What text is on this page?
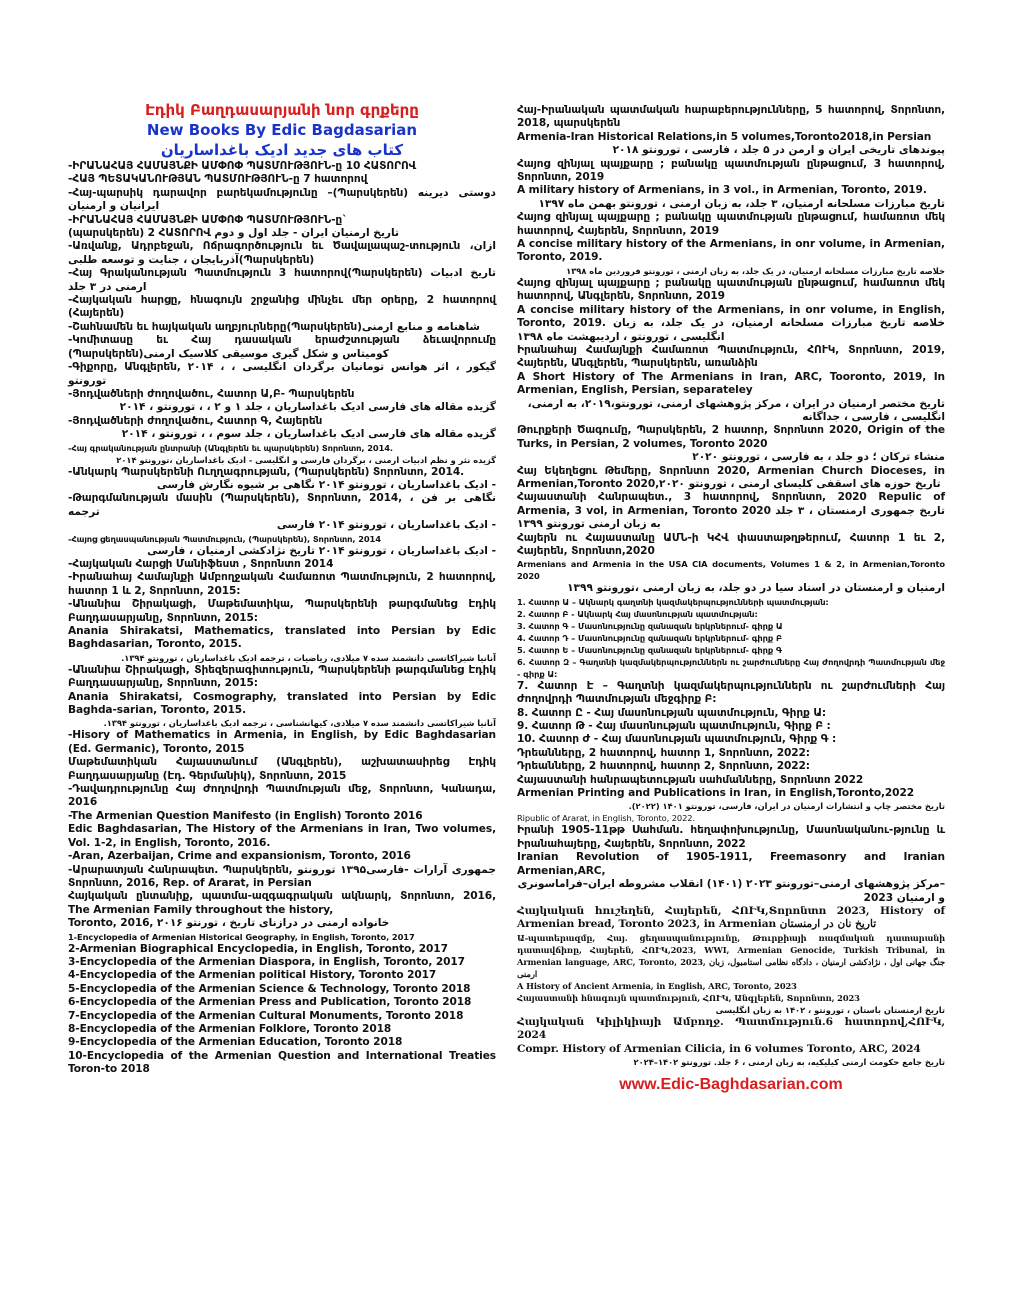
Էդիկ Բաղդասարյանի նոր գրքերը

New Books By Edic Bagdasarian

کتاب های جدید ادیک باغداساریان

-ԻՐԱՆԱՀԱՅ ՀԱՄԱՅՆՔԻ ԱՄՓՈՓ ՊԱՏՄՈՒԹՅՈՒՆ-ը 10 ՀԱՏՈՐՈՎ

-ՀԱՅ ՊԵՏԱԿԱՆՈՒԹՅԱՆ ՊԱՏՄՈՒԹՅՈՒՆ-ը 7 հատորով

-Հայ-պարսիկ դարավոր բարեկամությունը –(Պարսկերեն) دوستی دیرینه ایرانیان و ارمنیان

-ԻՐԱՆԱՀԱՅ ՀԱՄԱՅՆՔԻ ԱՄՓՈՓ ՊԱՏՄՈՒԹՅՈՒՆ-ը`

(պարսկերեն) 2 ՀԱՏՈՐՈՎ تاریخ ارمنیان ایران - جلد اول و دوم

-Առվանք, Ադրբեջան, Ոճրագործություն եւ Ծավալապաշ-տություն ازان، آذربایجان ، جنایت و توسعه طلبی(Պարսկերեն)

-Հայ Գրականության Պատմություն 3 հատորով(Պարսկերեն) تاریخ ادبیات ارمنی در ۳ جلد

-Հայկական հարցը, հնագույն շրջանից մինչեւ մեր օրերը, 2 հատորով (Հայերեն)

-Շահնամեն եւ հայկական աղբյուրները(Պարսկերեն)شاهنامه و منابع ارمنی

-Կոմիտասը եւ Հայ դասական երաժշտության ձեւավորումը (Պարսկերեն)کومیتاس و شکل گیری موسیقی کلاسیک ارمنی

-Գիքորը, Անգլերեն, ۲۰۱۴ ، گیکور ، اثر هوانس تومانیان برگردان انگلیسی ، تورونتو

-Յոդվածների ժողովածու, Հատոր Ա,Բ- Պարսկերեն

گزیده مقاله های فارسی ادیک باغداساریان ، جلد ۱ و ۲ ، ، تورونتو ، ۲۰۱۴

-Յոդվածների ժողովածու, Հատոր Գ, Հայերեն

گزیده مقاله های فارسی ادیک باغداساریان ، جلد سوم ، ، تورونتو ، ۲۰۱۴

-Հայ գրականության ընտրանի (Անգլերեն եւ պարսկերեն) Տորոնտո, 2014.

گزیده نثر و نظم ادبیات ارمنی ، برگردان فارسی و انگلیسی - ادیک باغداساریان ،تورونتو ۲۰۱۴

-Անկարկ Պարսկերենի Ուղղագրության, (Պարսկերեն) Տորոնտո, 2014.

- ادیک باغداساریان ، تورونتو ۲۰۱۴ نگاهی بر شیوه نگارش فارسی

-Թարգմանության մասին (Պարսկերեն), Տորոնտո, 2014, ، نگاهی بر فن ترجمه

- ادیک باغداساریان ، تورونتو ۲۰۱۴ فارسی

-Հայոց ցեղասպանության Պատմություն, (Պարսկերեն), Տորոնտո, 2014

- ادیک باغداساریان ، تورونتو ۲۰۱۴ تاریخ نژادکشی ارمنیان ، فارسی

-Հայկական Հարցի Մանիֆեստ , Տորոնտո 2014

-Իրանահայ Համայնքի Ամբողջական Համառոտ Պատմություն, 2 հատորով, հատոր 1 և 2, Տորոնտո, 2015:

-Անանիա Շիրակացի, Մաթեմատիկա, Պարսկերենի թարգմանեց Էդիկ Բաղդասարյանը, Տորոնտո, 2015:

Anania Shirakatsi, Mathematics, translated into Persian by Edic Baghdasarian, Toronto, 2015.

آنانیا شیراکاتسی دانشمند سده ۷ میلادی، ریاضیات ، ترجمه ادیک باغداساریان ، تورونتو ۱۳۹۴.

-Անանիա Շիրակացի, Տիեզերագիտություն, Պարսկերենի թարգմանեց Էդիկ Բաղդասարյանը, Տորոնտո, 2015:

Anania Shirakatsi, Cosmography, translated into Persian by Edic Baghda-sarian, Toronto, 2015.

آنانیا شیراکاتسی دانشمند سده ۷ میلادی، کیهانشناسی ، ترجمه ادیک باغداساریان ، تورونتو ۱۳۹۴.

-Hisory of Mathematics in Armenia, in English, by Edic Baghdasarian (Ed. Germanic), Toronto, 2015

Մաթեմատիկան Հայաստանում (Անգլերեն), աշխատասիրեց Էդիկ Բաղդասարյանը (Էդ. Գերմանիկ), Տորոնտո, 2015

-Դավադրությունը Հայ Ժողովրդի Պատմության մեջ, Տորոնտո, Կանադա, 2016

-The Armenian Question Manifesto (in English) Toronto 2016

Edic Baghdasarian, The History of the Armenians in Iran, Two volumes, Vol. 1-2, in English, Toronto, 2016.

-Aran, Azerbaijan, Crime and expansionism, Toronto, 2016

-Արարատյան Հանրապետ. Պարսկերեն, جمهوری آرارات -فارسی۱۳۹۵ تورونتو Տորոնտո, 2016, Rep. of Ararat, in Persian

Հայկական ընտանիք, պատմա-ազգագրական ակնարկ, Տորոնտո, 2016, The Armenian Family throughout the history,

Toronto, 2016, خانواده ارمنی در درازنای تاریخ ، تورنتو ۲۰۱۶

1-Encyclopedia of Armenian Historical Geography, in English, Toronto, 2017

2-Armenian Biographical Encyclopedia, in English, Toronto, 2017

3-Encyclopedia of the Armenian Diaspora, in English, Toronto, 2017

4-Encyclopedia of the Armenian political History, Toronto 2017

5-Encyclopedia of the Armenian Science & Technology, Toronto 2018

6-Encyclopedia of the Armenian Press and Publication, Toronto 2018

7-Encyclopedia of the Armenian Cultural Monuments, Toronto 2018

8-Encyclopedia of the Armenian Folklore, Toronto 2018

9-Encyclopedia of the Armenian Education, Toronto 2018

10-Encyclopedia of the Armenian Question and International Treaties Toron-to 2018

Հայ-Իրանական պատմական հարաբերությունները, 5 հատորով, Տորոնտո, 2018, պարսկերեն

Armenia-Iran Historical Relations,in 5 volumes,Toronto2018,in Persian

پیوندهای تاریخی ایران و ارمن در ۵ جلد ، فارسی ، تورونتو ۲۰۱۸

Հայոց զինյալ պայքարը ; բանակը պատմության ընթացում, 3 հատորով, Տորոնտո, 2019

A military history of Armenians, in 3 vol., in Armenian, Toronto, 2019.

تاریخ مبارزات مسلحانه ارمنیان، ۳ جلد، به زبان ارمنی ، تورونتو بهمن ماه ۱۳۹۷

Հայոց զինյալ պայքարը ; բանակը պատմության ընթացում, համառոտ մեկ հատորով, Հայերեն, Տորոնտո, 2019

A concise military history of the Armenians, in onr volume, in Armenian, Toronto, 2019.

خلاصه تاریخ مبارزات مسلحانه ارمنیان، در یک جلد، به زبان ارمنی ، تورونتو فروردین ماه ۱۳۹۸

Հայոց զինյալ պայքարը ; բանակը պատմության ընթացում, համառոտ մեկ հատորով, Անգլերեն, Տորոնտո, 2019

A concise military history of the Armenians, in onr volume, in English, Toronto, 2019. خلاصه تاریخ مبارزات مسلحانه ارمنیان، در یک جلد، به زبان انگلیسی ، تورونتو ، اردیبهشت ماه ۱۳۹۸

Իրանահայ Համայնքի Համառոտ Պատմություն, ՀՈՒԿ, Տորոնտո, 2019, Հայերեն, Անգլերեն, Պարսկերեն, առանձին

A Short History of The Armenians in Iran, ARC, Tooronto, 2019, In Armenian, English, Persian, separateley

تاریخ مختصر ارمنیان در ایران ، مرکز پژوهشهای ارمنی، تورونتو،۲۰۱۹، به ارمنی، انگلیسی ، فارسی ، جداگانه

Թուրքերի Ծագումը, Պարսկերեն, 2 հատոր, Տորոնտո 2020, Origin of the Turks, in Persian, 2 volumes, Toronto 2020

منشاء ترکان ؛ دو جلد ، به فارسی ، تورونتو ۲۰۲۰

Հայ Եկեղեցու Թեմերը, Տորոնտո 2020, Armenian Church Dioceses, in Armenian,Toronto 2020,تاریخ حوزه های اسقفی کلیسای ارمنی ، تورونتو ۲۰۲۰

Հայաստանի Հանրապետ., 3 հատորով, Տորոնտո, 2020 Repulic of Armenia, 3 vol, in Armenian, Toronto 2020 تاریخ جمهوری ارمنستان ، ۳ جلد به زبان ارمنی تورونتو ۱۳۹۹

Հայերն ու Հայաստանը ԱՄՆ-ի ԿՀՎ փաստաթղթերում, Հատոր 1 եւ 2, Հայերեն, Տորոնտո,2020

Armenians and Armenia in the USA CIA documents, Volumes 1 & 2, in Armenian,Toronto 2020

ارمنیان و ارمنستان در اسناد سیا در دو جلد، به زبان ارمنی ،تورونتو ۱۳۹۹

1. Հատոր Ա – Ակնարկ գաղտնի կազմակերպությունների պատմության:

2. Հատոր Բ - Ակնարկ Հայ մասոնության պատմության:

3. Հատոր Գ – Մասոնությունը զանազան երկրներում- գիրք Ա

4. Հատոր Դ – Մասոնությունը զանազան երկրներում- գիրք Բ

5. Հատոր Ե – Մասոնությունը զանազան երկրներում- գիրք Գ

6. Հատոր Զ – Գաղտնի կազմակերպություններն ու շարժումները Հայ Ժողովրդի Պատմության մեջ - գիրք Ա:

7. Հատոր Է – Գաղտնի կազմակերպություններն ու շարժումների Հայ Ժողովրդի Պատմության մեջգիրք Բ:

8. Հատոր Ը - Հայ մասոնության պատմություն, Գիրք Ա:

9. Հատոր Թ - Հայ մասոնության պատմություն, Գիրք Բ :

10. Հատոր Ժ - Հայ մասոնության պատմություն, Գիրք Գ :

Դրեանները, 2 հատորով, հատոր 1, Տորոնտո, 2022:

Դրեանները, 2 հատորով, հատոր 2, Տորոնտո, 2022:

Հայաստանի հանրապետության սահմանները, Տորոնտո 2022

Armenian Printing and Publications in Iran, in English,Toronto,2022

تاریخ مختصر چاپ و انتشارات ارمنیان در ایران، فارسی، تورونتو ۱۴۰۱ (۲۰۲۲).

Ripublic of Ararat, in English, Toronto, 2022.

Իրանի 1905-11թթ Սահման. հեղափոխությունը, Մասոնականու-թյունը և Իրանահայերը, Հայերեն, Տորոնտո, 2022

Iranian Revolution of 1905-1911, Freemasonry and Iranian Armenian,ARC,

–مرکز پژوهشهای ارمنی–تورونتو ۲۰۲۳ (۱۴۰۱) انقلاب مشروطه ایران–فراماسونری و ارمنیان 2023

Հայկական հուշեղեն, Հայերեն, ՀՈՒԿ,Տորոնտո 2023, History of Armenian bread, Toronto 2023, in Armenian تاریخ نان در ارمنستان

Ա-պատերազմը, Հայ. ցեղասպանությունը, Թուրքիայի ռազմական դատարանի դատավճիռը, Հայերեն, ՀՈՒԿ,2023, WWI, Armenian Genocide, Turkish Tribunal, in Armenian language, ARC, Toronto, 2023, جنگ جهانی اول ، نژادکشی ارمنیان ، دادگاه نظامی استامبول، زبان ارمنی

A History of Ancient Armenia, in English, ARC, Toronto, 2023

Հայաստանի հնագույն պատմություն, ՀՈՒԿ, Անգլերեն, Տորոնտո, 2023

تاریخ ارمنستان باستان ، تورونتو ، ۱۴۰۲ به زبان انگلیسی

Հայկական Կիլիկիայի Ամբողջ. Պատմություն.6 հատորով,ՀՈՒԿ, 2024

Compr. History of Armenian Cilicia, in 6 volumes Toronto, ARC, 2024

تاریخ جامع حکومت ارمنی کیلیکیه، به زبان ارمنی ، ۶ جلد. تورونتو ۱۴۰۲–۲۰۲۴

www.Edic-Baghdasarian.com
